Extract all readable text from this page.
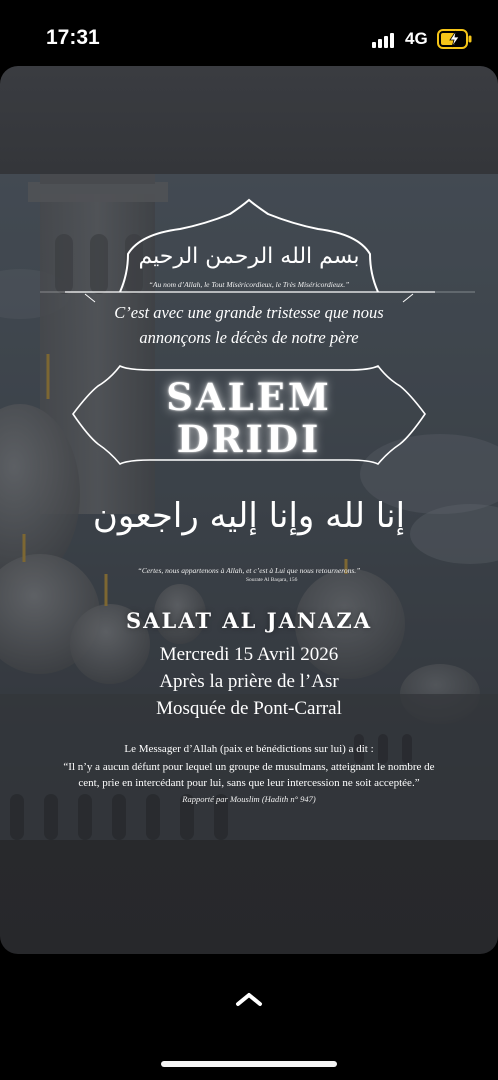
17:31	4G
بسم الله الرحمن الرحيم
“Au nom d’Allah, le Tout Miséricordieux, le Très Miséricordieux.”
C’est avec une grande tristesse que nous
annonçons le décès de notre père
SALEM
DRIDI
إنا لله وإنا إليه راجعون
“Certes, nous appartenons à Allah, et c’est à Lui que nous retournerons.”
Sourate Al Baqara, 156
SALAT AL JANAZA
Mercredi 15 Avril 2026
Après la prière de l’Asr
Mosquée de Pont-Carral
Le Messager d’Allah (paix et bénédictions sur lui) a dit :
“Il n’y a aucun défunt pour lequel un groupe de musulmans, atteignant le nombre de
cent, prie en intercédant pour lui, sans que leur intercession ne soit acceptée.”
Rapporté par Mouslim (Hadith n° 947)
